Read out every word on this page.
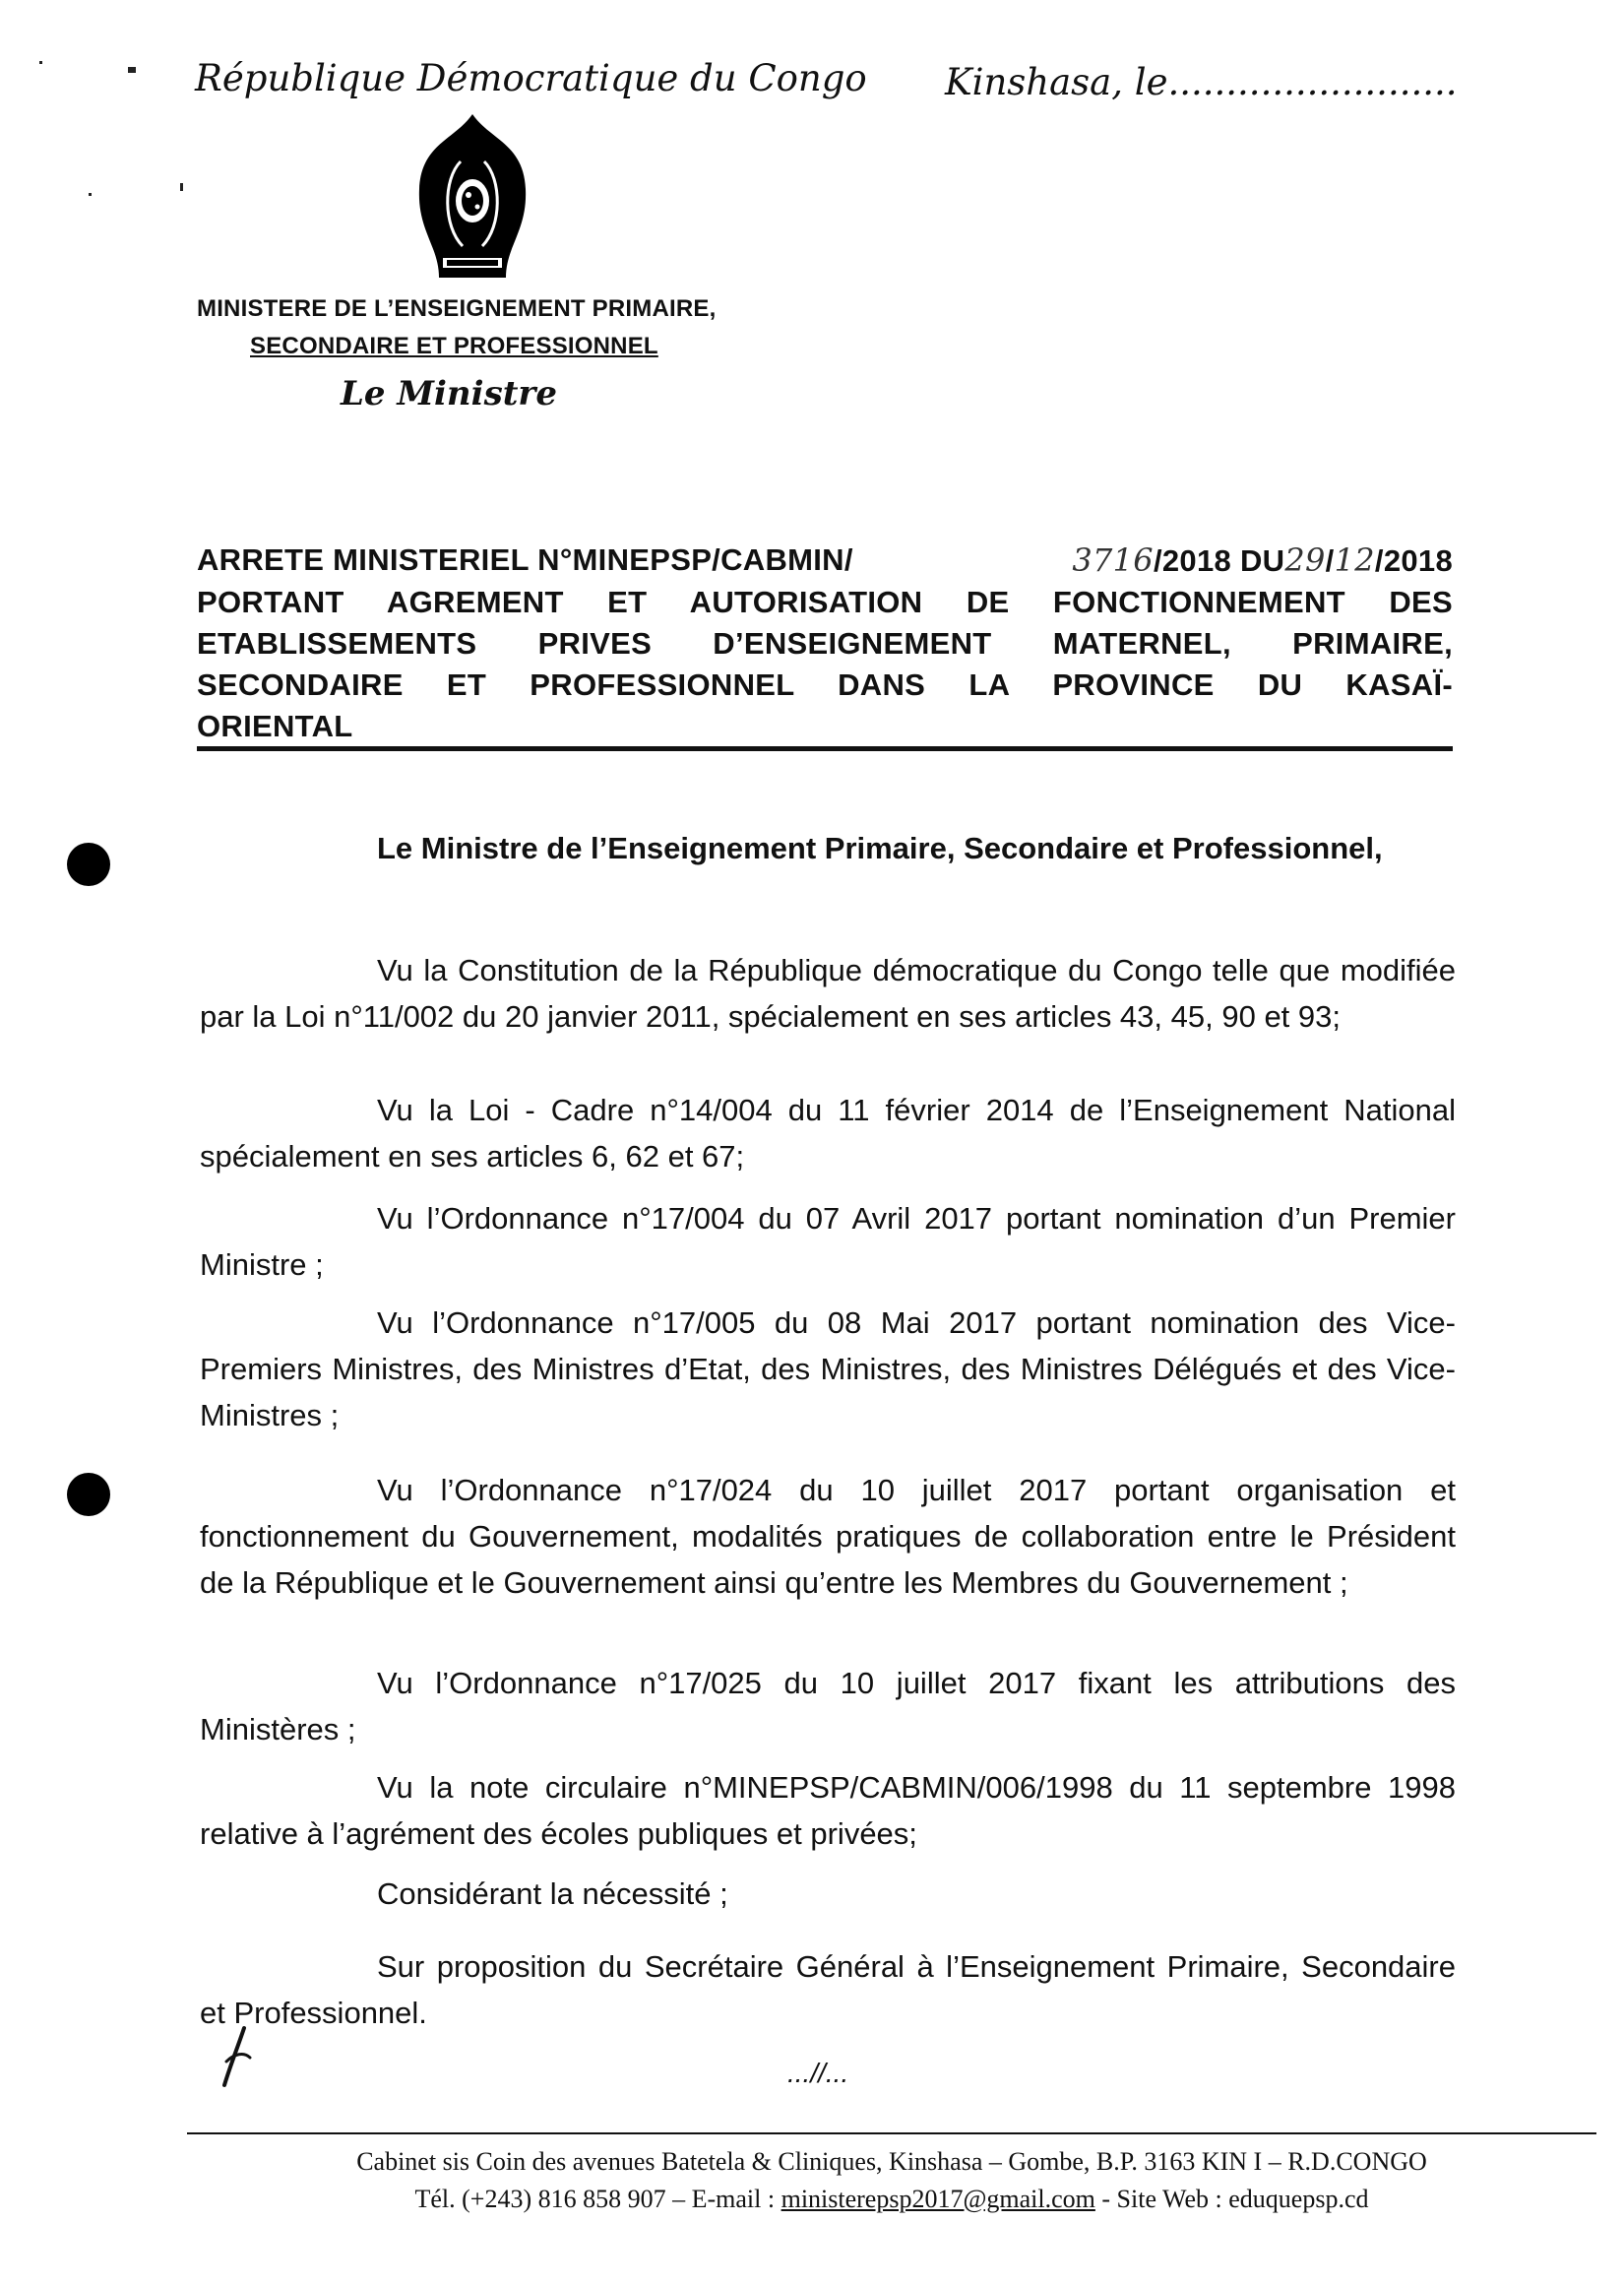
République Démocratique du Congo Kinshasa, le.........................
MINISTERE DE L’ENSEIGNEMENT PRIMAIRE,
SECONDAIRE ET PROFESSIONNEL
Le Ministre
ARRETE MINISTERIEL N°MINEPSP/CABMIN/	3716/2018 DU29/12/2018
PORTANT AGREMENT ET AUTORISATION DE FONCTIONNEMENT DES
ETABLISSEMENTS PRIVES D’ENSEIGNEMENT MATERNEL, PRIMAIRE,
SECONDAIRE ET PROFESSIONNEL DANS LA PROVINCE DU KASAÏ-
ORIENTAL

Le Ministre de l’Enseignement Primaire, Secondaire et Professionnel,

Vu la Constitution de la République démocratique du Congo telle que modifiée par la Loi n°11/002 du 20 janvier 2011, spécialement en ses articles 43, 45, 90 et 93;

Vu la Loi - Cadre n°14/004 du 11 février 2014 de l’Enseignement National spécialement en ses articles 6, 62 et 67;

Vu l’Ordonnance n°17/004 du 07 Avril 2017 portant nomination d’un Premier Ministre ;

Vu l’Ordonnance n°17/005 du 08 Mai 2017 portant nomination des Vice-Premiers Ministres, des Ministres d’Etat, des Ministres, des Ministres Délégués et des Vice-Ministres ;

Vu l’Ordonnance n°17/024 du 10 juillet 2017 portant organisation et fonctionnement du Gouvernement, modalités pratiques de collaboration entre le Président de la République et le Gouvernement ainsi qu’entre les Membres du Gouvernement ;

Vu l’Ordonnance n°17/025 du 10 juillet 2017 fixant les attributions des Ministères ;

Vu la note circulaire n°MINEPSP/CABMIN/006/1998 du 11 septembre 1998 relative à l’agrément des écoles publiques et privées;

Considérant la nécessité ;

Sur proposition du Secrétaire Général à l’Enseignement Primaire, Secondaire et Professionnel.

...//...
Cabinet sis Coin des avenues Batetela & Cliniques, Kinshasa – Gombe, B.P. 3163 KIN I – R.D.CONGO
Tél. (+243) 816 858 907 – E-mail : ministerepsp2017@gmail.com - Site Web : eduquepsp.cd
